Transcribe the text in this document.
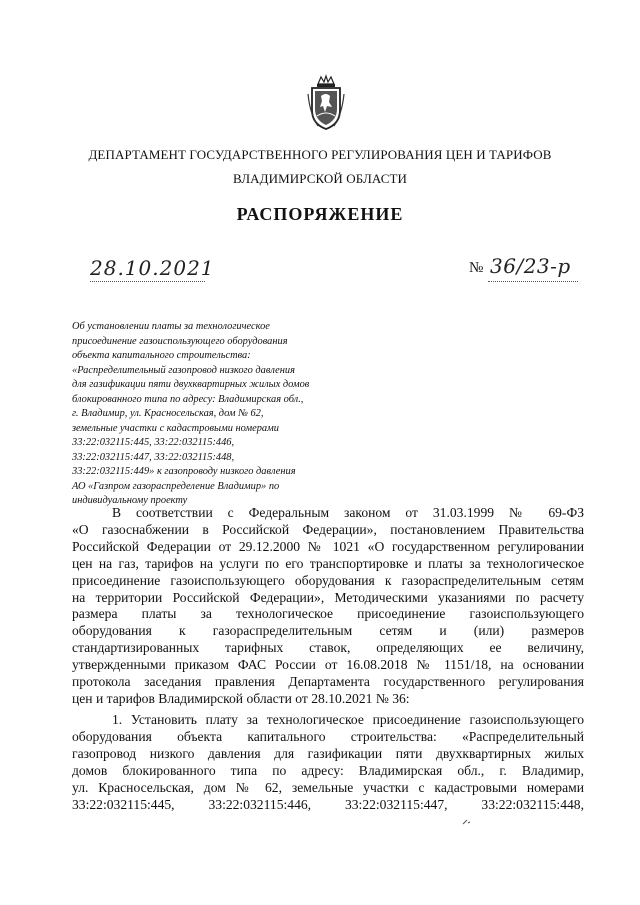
ДЕПАРТАМЕНТ ГОСУДАРСТВЕННОГО РЕГУЛИРОВАНИЯ ЦЕН И ТАРИФОВ
ВЛАДИМИРСКОЙ ОБЛАСТИ
РАСПОРЯЖЕНИЕ
28.10.2021	№ 36/23-р
Об установлении платы за технологическое
присоединение газоиспользующего оборудования
объекта капитального строительства:
«Распределительный газопровод низкого давления
для газификации пяти двухквартирных жилых домов
блокированного типа по адресу: Владимирская обл.,
г. Владимир, ул. Красносельская, дом № 62,
земельные участки с кадастровыми номерами
33:22:032115:445, 33:22:032115:446,
33:22:032115:447, 33:22:032115:448,
33:22:032115:449» к газопроводу низкого давления
АО «Газпром газораспределение Владимир» по
индивидуальному проекту
В соответствии с Федеральным законом от 31.03.1999 № 69-ФЗ
«О газоснабжении в Российской Федерации», постановлением Правительства
Российской Федерации от 29.12.2000 № 1021 «О государственном регулировании
цен на газ, тарифов на услуги по его транспортировке и платы за технологическое
присоединение газоиспользующего оборудования к газораспределительным сетям
на территории Российской Федерации», Методическими указаниями по расчету
размера платы за технологическое присоединение газоиспользующего
оборудования к газораспределительным сетям и (или) размеров
стандартизированных тарифных ставок, определяющих ее величину,
утвержденными приказом ФАС России от 16.08.2018 № 1151/18, на основании
протокола заседания правления Департамента государственного регулирования
цен и тарифов Владимирской области от 28.10.2021 № 36:
1. Установить плату за технологическое присоединение газоиспользующего
оборудования объекта капитального строительства: «Распределительный
газопровод низкого давления для газификации пяти двухквартирных жилых
домов блокированного типа по адресу: Владимирская обл., г. Владимир,
ул. Красносельская, дом № 62, земельные участки с кадастровыми номерами
33:22:032115:445, 33:22:032115:446, 33:22:032115:447, 33:22:032115:448,
